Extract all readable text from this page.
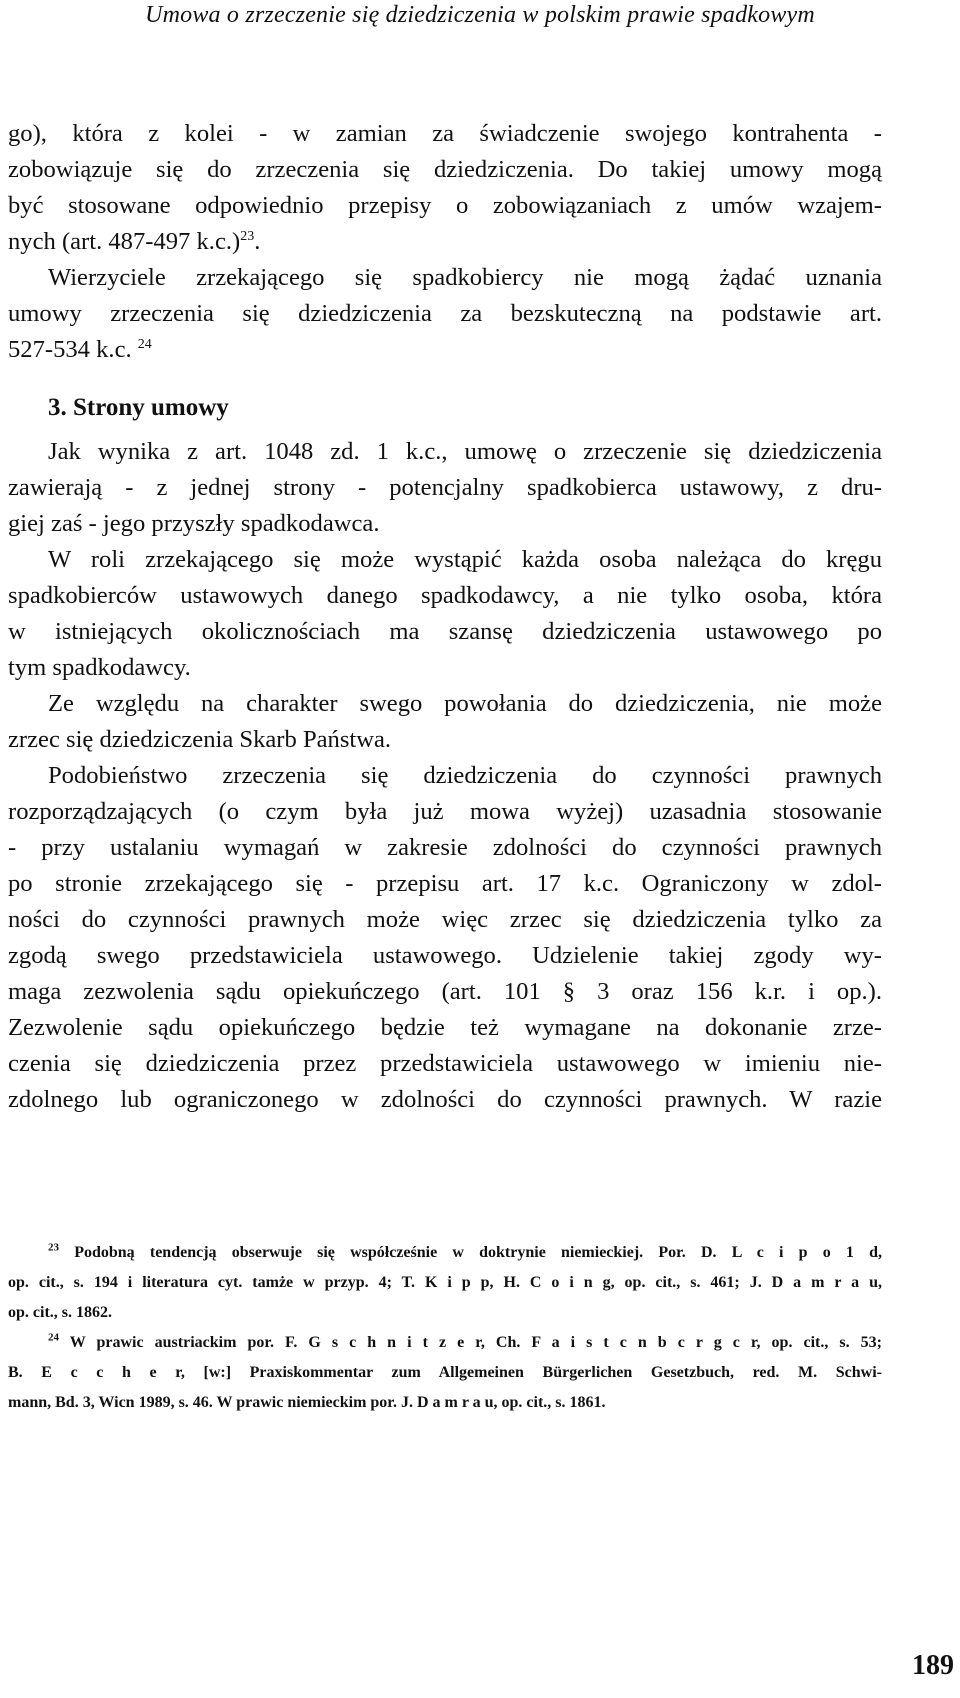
Umowa o zrzeczenie się dziedziczenia w polskim prawie spadkowym
go), która z kolei - w zamian za świadczenie swojego kontrahenta -
zobowiązuje się do zrzeczenia się dziedziczenia. Do takiej umowy mogą
być stosowane odpowiednio przepisy o zobowiązaniach z umów wzajem-
nych (art. 487-497 k.c.)$^{23}$.
Wierzyciele zrzekającego się spadkobiercy nie mogą żądać uznania
umowy zrzeczenia się dziedziczenia za bezskuteczną na podstawie art.
527-534 k.c. $^{24}$
3. Strony umowy
Jak wynika z art. 1048 zd. 1 k.c., umowę o zrzeczenie się dziedziczenia
zawierają - z jednej strony - potencjalny spadkobierca ustawowy, z dru-
giej zaś - jego przyszły spadkodawca.
W roli zrzekającego się może wystąpić każda osoba należąca do kręgu
spadkobierców ustawowych danego spadkodawcy, a nie tylko osoba, która
w istniejących okolicznościach ma szansę dziedziczenia ustawowego po
tym spadkodawcy.
Ze względu na charakter swego powołania do dziedziczenia, nie może
zrzec się dziedziczenia Skarb Państwa.
Podobieństwo zrzeczenia się dziedziczenia do czynności prawnych
rozporządzających (o czym była już mowa wyżej) uzasadnia stosowanie
- przy ustalaniu wymagań w zakresie zdolności do czynności prawnych
po stronie zrzekającego się - przepisu art. 17 k.c. Ograniczony w zdol-
ności do czynności prawnych może więc zrzec się dziedziczenia tylko za
zgodą swego przedstawiciela ustawowego. Udzielenie takiej zgody wy-
maga zezwolenia sądu opiekuńczego (art. 101 § 3 oraz 156 k.r. i op.).
Zezwolenie sądu opiekuńczego będzie też wymagane na dokonanie zrze-
czenia się dziedziczenia przez przedstawiciela ustawowego w imieniu nie-
zdolnego lub ograniczonego w zdolności do czynności prawnych. W razie
$^{23}$ Podobną tendencją obserwuje się współcześnie w doktrynie niemieckiej. Por. D. L c i p o 1 d,
op. cit., s. 194 i literatura cyt. tamże w przyp. 4; T. K i p p, H. C o i n g, op. cit., s. 461; J. D a m r a u,
op. cit., s. 1862.
$^{24}$ W prawic austriackim por. F. G s c h n i t z e r, Ch. F a i s t c n b c r g c r, op. cit., s. 53;
B. E c c h e r, [w:] Praxiskommentar zum Allgemeinen Bürgerlichen Gesetzbuch, red. M. Schwi-
mann, Bd. 3, Wicn 1989, s. 46. W prawic niemieckim por. J. D a m r a u, op. cit., s. 1861.
189
